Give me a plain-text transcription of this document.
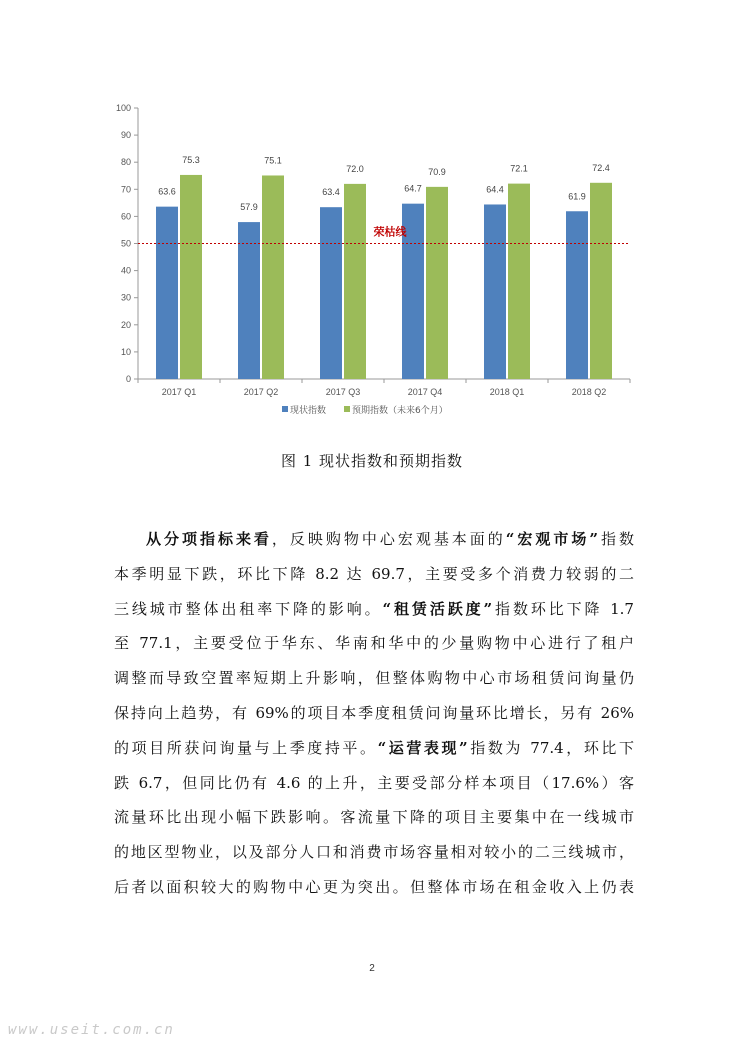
0
10
20
30
40
50
60
70
80
90
100
2017 Q1	2017 Q2	2017 Q3	2017 Q4	2018 Q1	2018 Q2
63.6
57.9
63.4	64.7	64.4
61.9
75.3	75.1
72.0	70.9	72.1	72.4
荣枯线
现状指数	预期指数（未来6个月）
图 1 现状指数和预期指数
从分项指标来看，反映购物中心宏观基本面的“宏观市场”指数
本季明显下跌，环比下降 8.2 达 69.7，主要受多个消费力较弱的二
三线城市整体出租率下降的影响。“租赁活跃度”指数环比下降 1.7
至 77.1，主要受位于华东、华南和华中的少量购物中心进行了租户
调整而导致空置率短期上升影响，但整体购物中心市场租赁问询量仍
保持向上趋势，有 69%的项目本季度租赁问询量环比增长，另有 26%
的项目所获问询量与上季度持平。“运营表现”指数为 77.4，环比下
跌 6.7，但同比仍有 4.6 的上升，主要受部分样本项目（17.6%）客
流量环比出现小幅下跌影响。客流量下降的项目主要集中在一线城市
的地区型物业，以及部分人口和消费市场容量相对较小的二三线城市，
后者以面积较大的购物中心更为突出。但整体市场在租金收入上仍表
2
www.useit.com.cn
